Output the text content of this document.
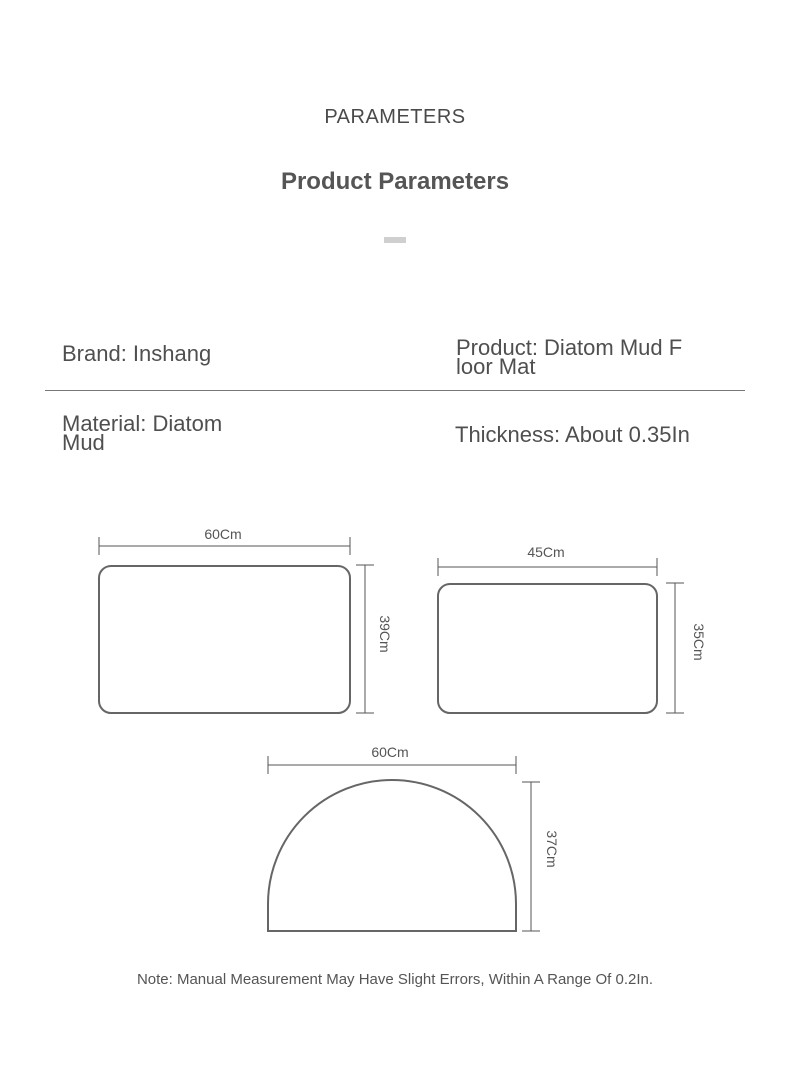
PARAMETERS
Product Parameters
Brand: Inshang	Product: Diatom Mud F
loor Mat
Material: Diatom
Mud	Thickness: About 0.35In
60Cm
39Cm
45Cm
35Cm
60Cm
37Cm
Note: Manual Measurement May Have Slight Errors, Within A Range Of 0.2In.
